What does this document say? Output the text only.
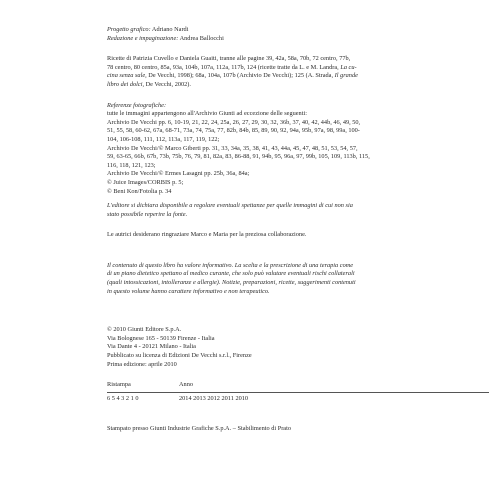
Progetto grafico: Adriano Nardi
Redazione e impaginazione: Andrea Ballocchi
Ricette di Patrizia Cuvello e Daniela Guaiti, tranne alle pagine 39, 42a, 58a, 70b, 72 centro, 77b,
78 centro, 80 centro, 85a, 93a, 104b, 107a, 112a, 117b, 124 (ricette tratte da L. e M. Landra, La cu-
cina senza sale, De Vecchi, 1998); 68a, 104a, 107b (Archivio De Vecchi); 125 (A. Strada, Il grande
libro dei dolci, De Vecchi, 2002).
Referenze fotografiche:
tutte le immagini appartengono all'Archivio Giunti ad eccezione delle seguenti:
Archivio De Vecchi pp. 6, 10-19, 21, 22, 24, 25a, 26, 27, 29, 30, 32, 36b, 37, 40, 42, 44b, 46, 49, 50,
51, 55, 58, 60-62, 67a, 68-71, 73a, 74, 75a, 77, 82b, 84b, 85, 89, 90, 92, 94a, 95b, 97a, 98, 99a, 100-
104, 106-108, 111, 112, 113a, 117, 119, 122;
Archivio De Vecchi/© Marco Giberti pp. 31, 33, 34a, 35, 38, 41, 43, 44a, 45, 47, 48, 51, 53, 54, 57,
59, 63-65, 66b, 67b, 73b, 75b, 76, 79, 81, 82a, 83, 86-88, 91, 94b, 95, 96a, 97, 99b, 105, 109, 113b, 115,
116, 118, 121, 123;
Archivio De Vecchi/© Ermes Lasagni pp. 25b, 36a, 84a;
© Juice Images/CORBIS p. 5;
© Beni Kon/Fotolia p. 34
L'editore si dichiara disponibile a regolare eventuali spettanze per quelle immagini di cui non sia
stato possibile reperire la fonte.
Le autrici desiderano ringraziare Marco e Maria per la preziosa collaborazione.
Il contenuto di questo libro ha valore informativo. La scelta e la prescrizione di una terapia come
di un piano dietetico spettano al medico curante, che solo può valutare eventuali rischi collaterali
(quali intossicazioni, intolleranze e allergie). Notizie, preparazioni, ricette, suggerimenti contenuti
in questo volume hanno carattere informativo e non terapeutico.
© 2010 Giunti Editore S.p.A.
Via Bolognese 165 - 50139 Firenze - Italia
Via Dante 4 - 20121 Milano - Italia
Pubblicato su licenza di Edizioni De Vecchi s.r.l., Firenze
Prima edizione: aprile 2010
Ristampa	Anno
6 5 4 3 2 1 0	2014 2013 2012 2011 2010
Stampato presso Giunti Industrie Grafiche S.p.A. – Stabilimento di Prato
